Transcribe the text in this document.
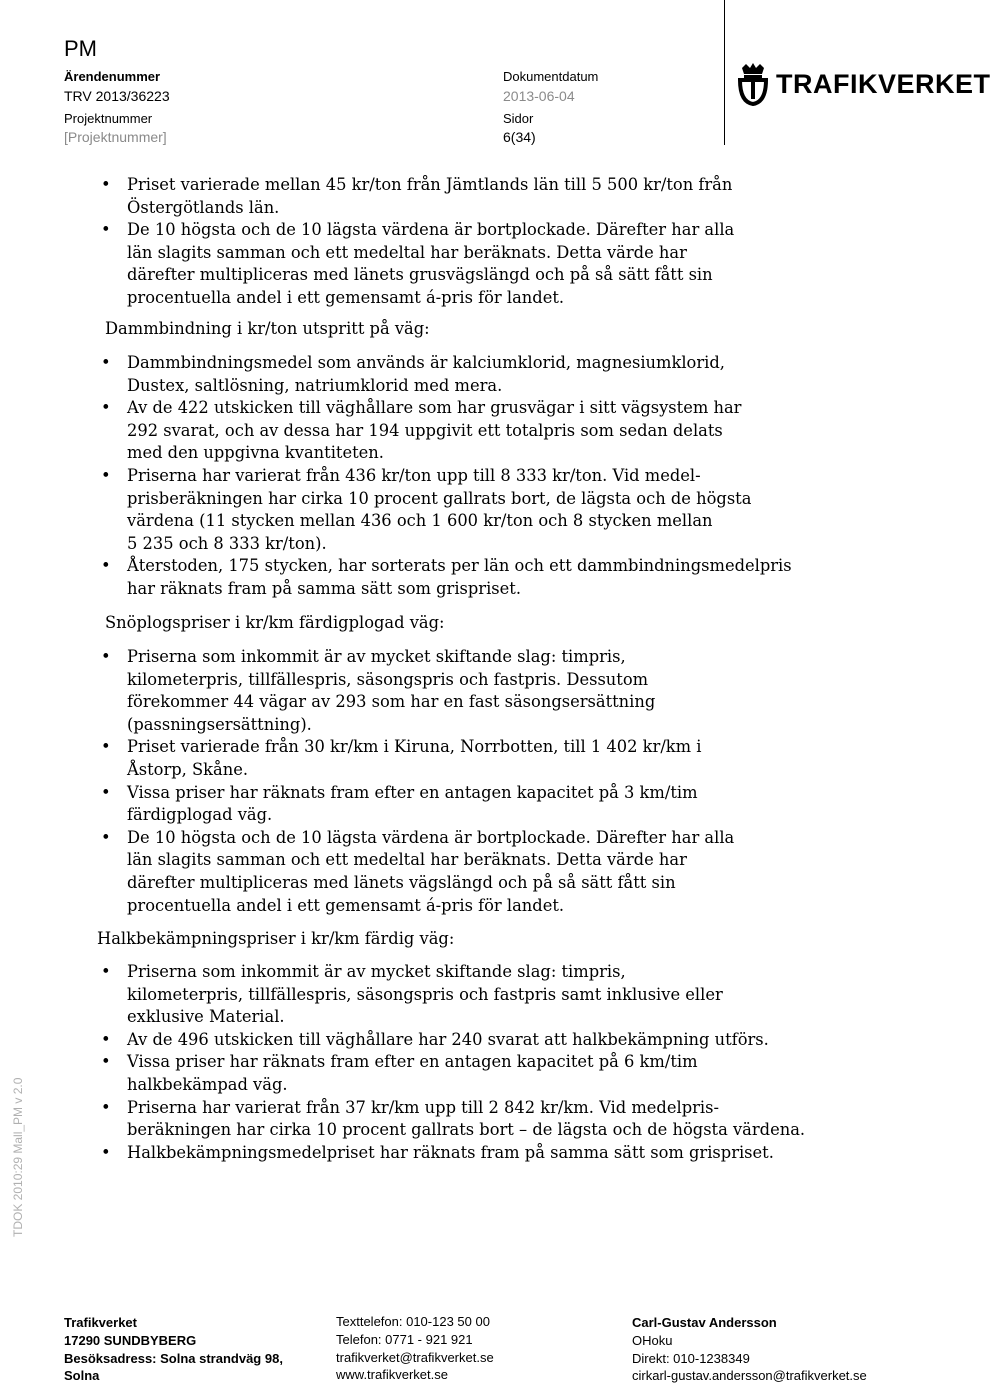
PM
Ärendenummer
TRV 2013/36223
Projektnummer
[Projektnummer]
Dokumentdatum
2013-06-04
Sidor
6(34)
TRAFIKVERKET
• Priset varierade mellan 45 kr/ton från Jämtlands län till 5 500 kr/ton från
Östergötlands län.
• De 10 högsta och de 10 lägsta värdena är bortplockade. Därefter har alla
län slagits samman och ett medeltal har beräknats. Detta värde har
därefter multipliceras med länets grusvägslängd och på så sätt fått sin
procentuella andel i ett gemensamt á-pris för landet.
Dammbindning i kr/ton utspritt på väg:
• Dammbindningsmedel som används är kalciumklorid, magnesiumklorid,
Dustex, saltlösning, natriumklorid med mera.
• Av de 422 utskicken till väghållare som har grusvägar i sitt vägsystem har
292 svarat, och av dessa har 194 uppgivit ett totalpris som sedan delats
med den uppgivna kvantiteten.
• Priserna har varierat från 436 kr/ton upp till 8 333 kr/ton. Vid medel-
prisberäkningen har cirka 10 procent gallrats bort, de lägsta och de högsta
värdena (11 stycken mellan 436 och 1 600 kr/ton och 8 stycken mellan
5 235 och 8 333 kr/ton).
• Återstoden, 175 stycken, har sorterats per län och ett dammbindningsmedelpris
har räknats fram på samma sätt som grispriset.
Snöplogspriser i kr/km färdigplogad väg:
• Priserna som inkommit är av mycket skiftande slag: timpris,
kilometerpris, tillfällespris, säsongspris och fastpris. Dessutom
förekommer 44 vägar av 293 som har en fast säsongsersättning
(passningsersättning).
• Priset varierade från 30 kr/km i Kiruna, Norrbotten, till 1 402 kr/km i
Åstorp, Skåne.
• Vissa priser har räknats fram efter en antagen kapacitet på 3 km/tim
färdigplogad väg.
• De 10 högsta och de 10 lägsta värdena är bortplockade. Därefter har alla
län slagits samman och ett medeltal har beräknats. Detta värde har
därefter multipliceras med länets vägslängd och på så sätt fått sin
procentuella andel i ett gemensamt á-pris för landet.
Halkbekämpningspriser i kr/km färdig väg:
• Priserna som inkommit är av mycket skiftande slag: timpris,
kilometerpris, tillfällespris, säsongspris och fastpris samt inklusive eller
exklusive Material.
• Av de 496 utskicken till väghållare har 240 svarat att halkbekämpning utförs.
• Vissa priser har räknats fram efter en antagen kapacitet på 6 km/tim
halkbekämpad väg.
• Priserna har varierat från 37 kr/km upp till 2 842 kr/km. Vid medelpris-
beräkningen har cirka 10 procent gallrats bort – de lägsta och de högsta värdena.
• Halkbekämpningsmedelpriset har räknats fram på samma sätt som grispriset.
TDOK 2010:29 Mall_PM v 2.0
Trafikverket
17290 SUNDBYBERG
Besöksadress: Solna strandväg 98,
Solna
Texttelefon: 010-123 50 00
Telefon: 0771 - 921 921
trafikverket@trafikverket.se
www.trafikverket.se
Carl-Gustav Andersson
OHoku
Direkt: 010-1238349
cirkarl-gustav.andersson@trafikverket.se
